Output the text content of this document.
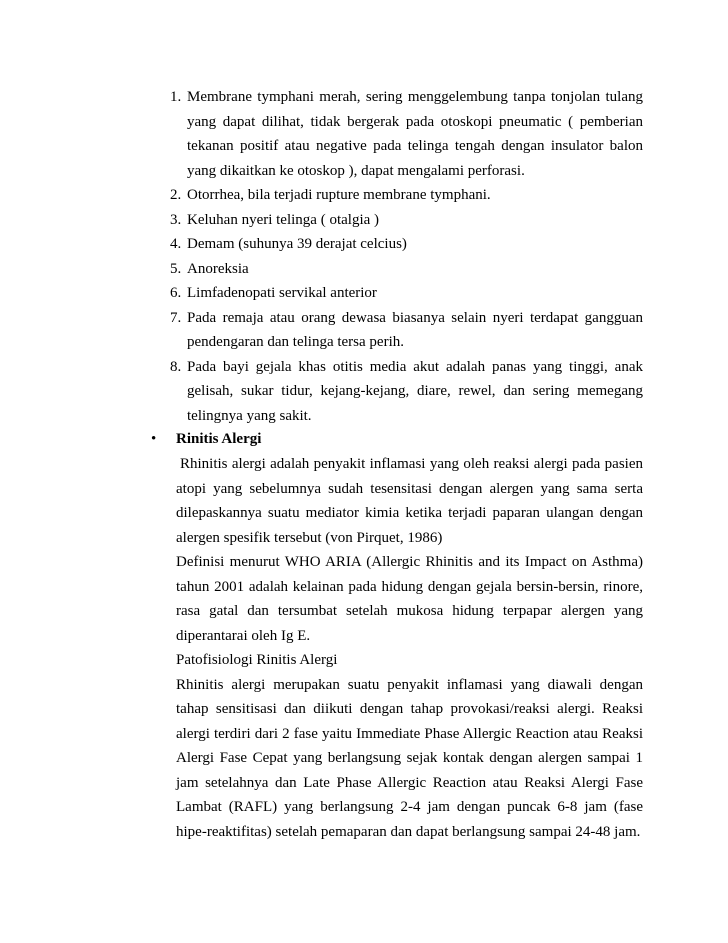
1. Membrane tymphani merah, sering menggelembung tanpa tonjolan tulang yang dapat dilihat, tidak bergerak pada otoskopi pneumatic ( pemberian tekanan positif atau negative pada telinga tengah dengan insulator balon yang dikaitkan ke otoskop ), dapat mengalami perforasi.
2. Otorrhea, bila terjadi rupture membrane tymphani.
3. Keluhan nyeri telinga ( otalgia )
4. Demam (suhunya 39 derajat celcius)
5. Anoreksia
6. Limfadenopati servikal anterior
7. Pada remaja atau orang dewasa biasanya selain nyeri terdapat gangguan pendengaran dan telinga tersa perih.
8. Pada bayi gejala khas otitis media akut adalah panas yang tinggi, anak gelisah, sukar tidur, kejang-kejang, diare, rewel, dan sering memegang telingnya yang sakit.
• Rinitis Alergi

Rhinitis alergi adalah penyakit inflamasi yang oleh reaksi alergi pada pasien atopi yang sebelumnya sudah tesensitasi dengan alergen yang sama serta dilepaskannya suatu mediator kimia ketika terjadi paparan ulangan dengan alergen spesifik tersebut (von Pirquet, 1986)

Definisi menurut WHO ARIA (Allergic Rhinitis and its Impact on Asthma) tahun 2001 adalah kelainan pada hidung dengan gejala bersin-bersin, rinore, rasa gatal dan tersumbat setelah mukosa hidung terpapar alergen yang diperantarai oleh Ig E.

Patofisiologi Rinitis Alergi

Rhinitis alergi merupakan suatu penyakit inflamasi yang diawali dengan tahap sensitisasi dan diikuti dengan tahap provokasi/reaksi alergi. Reaksi alergi terdiri dari 2 fase yaitu Immediate Phase Allergic Reaction atau Reaksi Alergi Fase Cepat yang berlangsung sejak kontak dengan alergen sampai 1 jam setelahnya dan Late Phase Allergic Reaction atau Reaksi Alergi Fase Lambat (RAFL) yang berlangsung 2-4 jam dengan puncak 6-8 jam (fase hipe-reaktifitas) setelah pemaparan dan dapat berlangsung sampai 24-48 jam.
